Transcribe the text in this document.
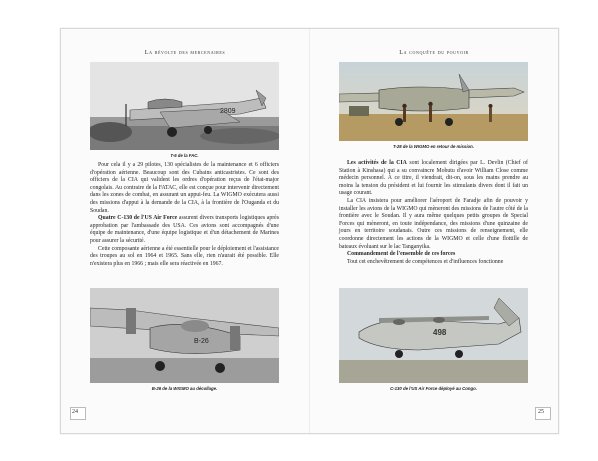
La révolte des mercenaires
2809
T-6 de la FAC.

Pour cela il y a 29 pilotes, 130 spécialistes de la maintenance et 6 officiers d'opération aérienne. Beaucoup sont des Cubains anticastristes. Ce sont des officiers de la CIA qui valident les ordres d'opération reçus de l'état-major congolais. Au contraire de la FATAC, elle est conçue pour intervenir directement dans les zones de combat, en assurant un appui-feu. La WIGMO exécutera aussi des missions d'appui à la demande de la CIA, à la frontière de l'Ouganda et du Soudan.

Quatre C-130 de l'US Air Force assurent divers transports logistiques après approbation par l'ambassade des USA. Ces avions sont accompagnés d'une équipe de maintenance, d'une équipe logistique et d'un détachement de Marines pour assurer la sécurité.

Cette composante aérienne a été essentielle pour le déploiement et l'assistance des troupes au sol en 1964 et 1965. Sans elle, rien n'aurait été possible. Elle n'existera plus en 1966 ; mais elle sera réactivée en 1967.

B-26
B-26 de la WIGMO au décollage.
24
La conquête du pouvoir
T-28 de la WIGMO en retour de mission.

Les activités de la CIA sont localement dirigées par L. Devlin (Chief of Station à Kinshasa) qui a su convaincre Mobutu d'avoir William Close comme médecin personnel. À ce titre, il viendrait, dit-on, sous les mains prendre au moins la tension du président et lui fournir les stimulants divers dont il fait un usage courant.

La CIA insistera pour améliorer l'aéroport de Faradje afin de pouvoir y installer les avions de la WIGMO qui mèneront des missions de l'autre côté de la frontière avec le Soudan. Il y aura même quelques petits groupes de Special Forces qui mèneront, en toute indépendance, des missions d'une quinzaine de jours en territoire soudanais. Outre ces missions de renseignement, elle coordonne directement les actions de la WIGMO et celle d'une flottille de bateaux évoluant sur le lac Tanganyika.

Commandement de l'ensemble de ces forces

Tout cet enchevêtrement de compétences et d'influences fonctionne

498
C-130 de l'US Air Force déployé au Congo.
25
